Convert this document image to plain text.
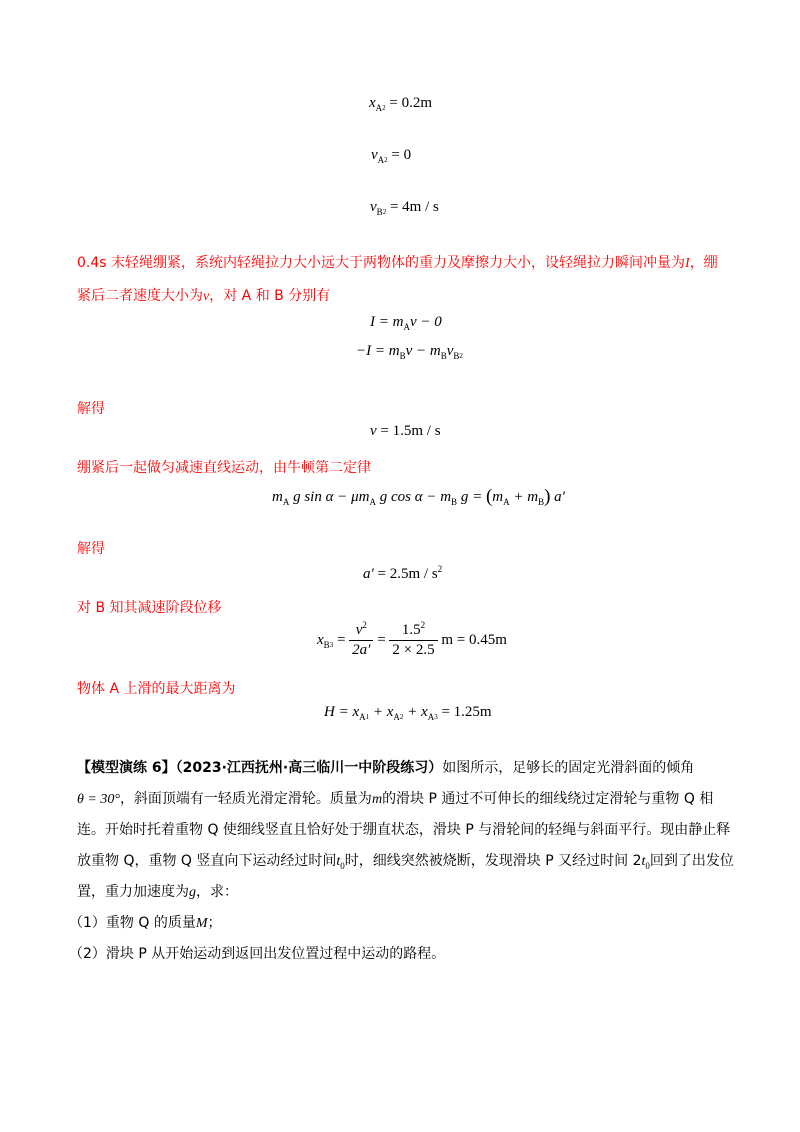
$x_{A2} = 0.2m$
$v_{A2} = 0$
$v_{B2} = 4m / s$
0.4s 末轻绳绷紧，系统内轻绳拉力大小远大于两物体的重力及摩擦力大小，设轻绳拉力瞬间冲量为I，绷
紧后二者速度大小为v，对 A 和 B 分别有
$I = m_Av - 0$
$-I = m_Bv - m_Bv_{B2}$
解得
v = 1.5m / s
绷紧后一起做匀减速直线运动，由牛顿第二定律
$m_A$ g $\sin \alpha - \mu m_A$ g $\cos \alpha - m_B$ $g = (m_A + m_B)$ a′
解得
$a' = 2.5m / s^2$
对 B 知其减速阶段位移
$x_{B3} = \frac{v^2}{2a'} = \frac{1.5^2}{2 \times 2.5}$ m = 0.45m
物体 A 上滑的最大距离为
$H = x_{A1} + x_{A2} + x_{A3} = 1.25m$
【模型演练 6】（2023·江西抚州·高三临川一中阶段练习）如图所示，足够长的固定光滑斜面的倾角
θ = 30°，斜面顶端有一轻质光滑定滑轮。质量为m的滑块 P 通过不可伸长的细线绕过定滑轮与重物 Q 相
连。开始时托着重物 Q 使细线竖直且恰好处于绷直状态，滑块 P 与滑轮间的轻绳与斜面平行。现由静止释
放重物 Q，重物 Q 竖直向下运动经过时间$t_0$时，细线突然被烧断，发现滑块 P 又经过时间 $2t_0$回到了出发位
置，重力加速度为g，求：
（1）重物 Q 的质量M；
（2）滑块 P 从开始运动到返回出发位置过程中运动的路程。
